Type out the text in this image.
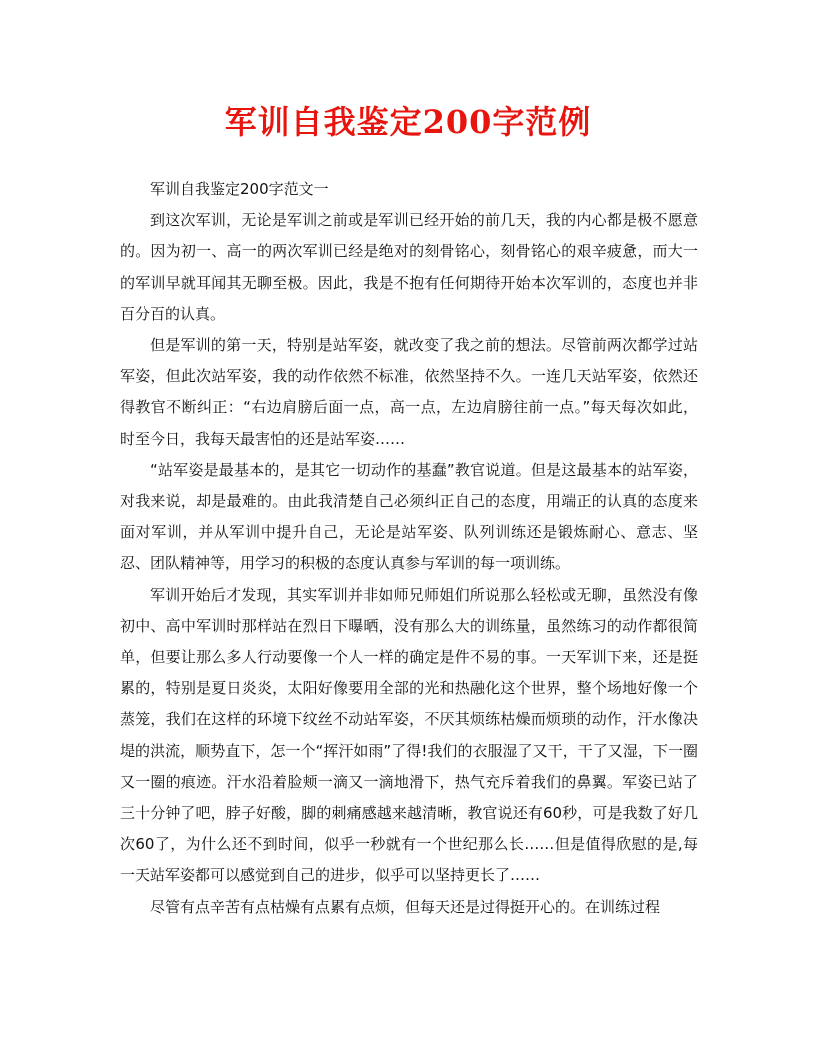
军训自我鉴定200字范例

军训自我鉴定200字范文一

到这次军训，无论是军训之前或是军训已经开始的前几天，我的内心都是极不愿意的。因为初一、高一的两次军训已经是绝对的刻骨铭心，刻骨铭心的艰辛疲惫，而大一的军训早就耳闻其无聊至极。因此，我是不抱有任何期待开始本次军训的，态度也并非百分百的认真。

但是军训的第一天，特别是站军姿，就改变了我之前的想法。尽管前两次都学过站军姿，但此次站军姿，我的动作依然不标准，依然坚持不久。一连几天站军姿，依然还得教官不断纠正：“右边肩膀后面一点，高一点，左边肩膀往前一点。”每天每次如此，时至今日，我每天最害怕的还是站军姿……

“站军姿是最基本的，是其它一切动作的基蠢”教官说道。但是这最基本的站军姿，对我来说，却是最难的。由此我清楚自己必须纠正自己的态度，用端正的认真的态度来面对军训，并从军训中提升自己，无论是站军姿、队列训练还是锻炼耐心、意志、坚忍、团队精神等，用学习的积极的态度认真参与军训的每一项训练。

军训开始后才发现，其实军训并非如师兄师姐们所说那么轻松或无聊，虽然没有像初中、高中军训时那样站在烈日下曝晒，没有那么大的训练量，虽然练习的动作都很简单，但要让那么多人行动要像一个人一样的确定是件不易的事。一天军训下来，还是挺累的，特别是夏日炎炎，太阳好像要用全部的光和热融化这个世界，整个场地好像一个蒸笼，我们在这样的环境下纹丝不动站军姿，不厌其烦练枯燥而烦琐的动作，汗水像决堤的洪流，顺势直下，怎一个“挥汗如雨”了得!我们的衣服湿了又干，干了又湿，下一圈又一圈的痕迹。汗水沿着脸颊一滴又一滴地滑下，热气充斥着我们的鼻翼。军姿已站了三十分钟了吧，脖子好酸，脚的刺痛感越来越清晰，教官说还有60秒，可是我数了好几次60了，为什么还不到时间，似乎一秒就有一个世纪那么长……但是值得欣慰的是,每一天站军姿都可以感觉到自己的进步，似乎可以坚持更长了……

尽管有点辛苦有点枯燥有点累有点烦，但每天还是过得挺开心的。在训练过程
